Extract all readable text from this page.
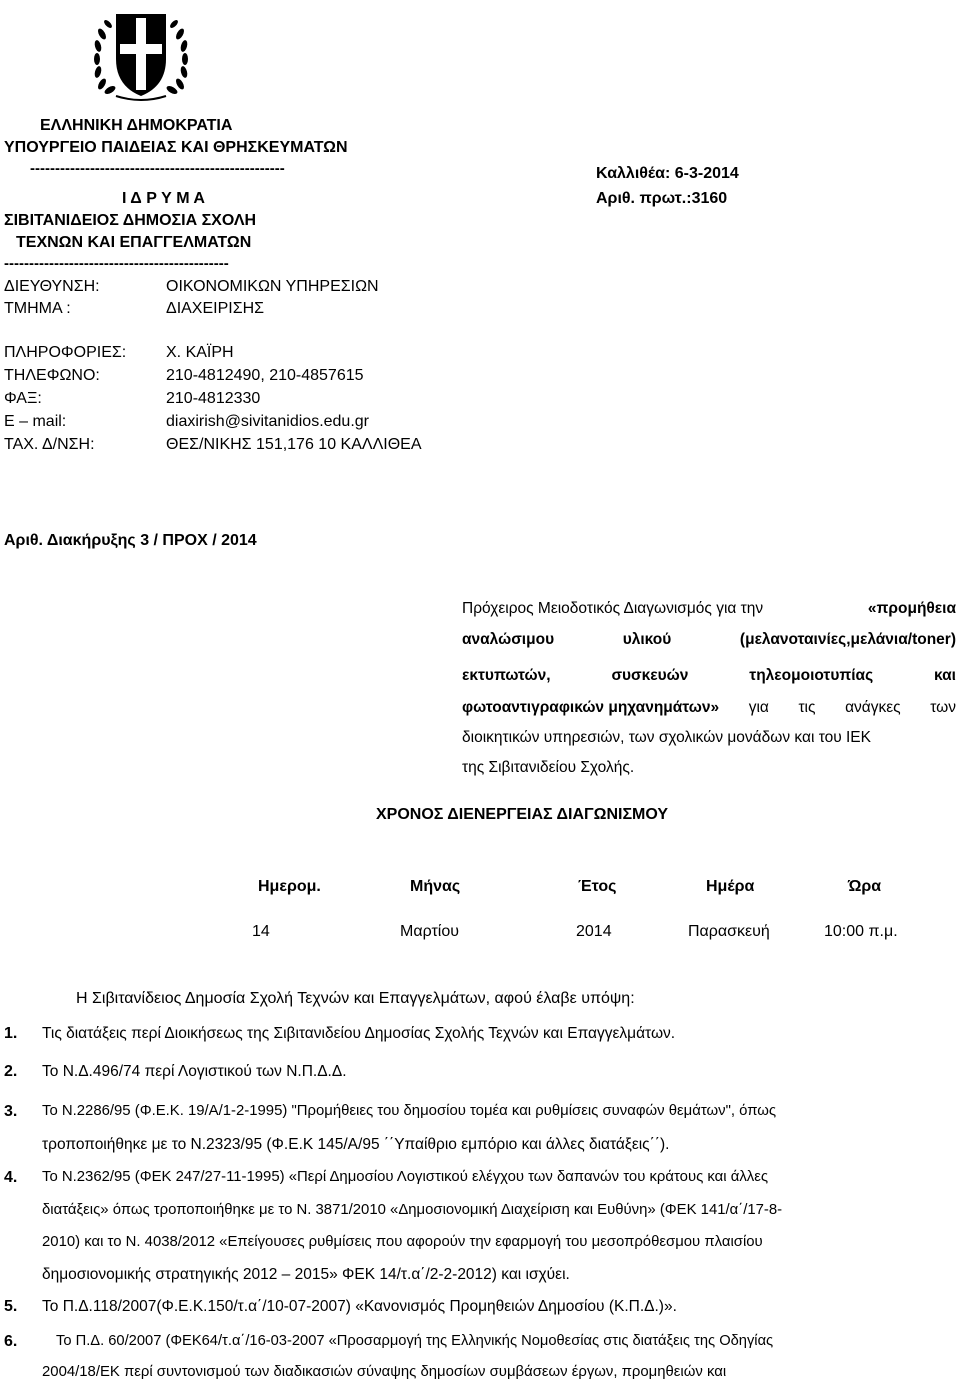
ΕΛΛΗΝΙΚΗ ΔΗΜΟΚΡΑΤΙΑ
ΥΠΟΥΡΓΕΙΟ ΠΑΙΔΕΙΑΣ ΚΑΙ ΘΡΗΣΚΕΥΜΑΤΩΝ
---------------------------------------------------
Ι Δ Ρ Υ Μ Α
ΣΙΒΙΤΑΝΙΔΕΙΟΣ ΔΗΜΟΣΙΑ ΣΧΟΛΗ
ΤΕΧΝΩΝ ΚΑΙ ΕΠΑΓΓΕΛΜΑΤΩΝ
---------------------------------------------
Καλλιθέα: 6-3-2014
Αριθ. πρωτ.:3160
ΔΙΕΥΘΥΝΣΗ:	ΟΙΚΟΝΟΜΙΚΩΝ ΥΠΗΡΕΣΙΩΝ
ΤΜΗΜΑ :	ΔΙΑΧΕΙΡΙΣΗΣ
ΠΛΗΡΟΦΟΡΙΕΣ: Χ. ΚΑΪΡΗ
ΤΗΛΕΦΩΝΟ:	210-4812490, 210-4857615
ΦΑΞ:	210-4812330
E – mail:	diaxirish@sivitanidios.edu.gr
ΤΑΧ. Δ/ΝΣΗ:	ΘΕΣ/ΝΙΚΗΣ 151,176 10 ΚΑΛΛΙΘΕΑ
Αριθ. Διακήρυξης 3 / ΠΡΟΧ / 2014
Πρόχειρος Μειοδοτικός Διαγωνισμός για την	«προμήθεια
αναλώσιμου	υλικού	(μελανοταινίες,μελάνια/toner)
εκτυπωτών,	συσκευών	τηλεομοιοτυπίας	και
φωτοαντιγραφικών μηχανημάτων» για τις ανάγκες των
διοικητικών υπηρεσιών, των σχολικών μονάδων και του ΙΕΚ
της Σιβιτανιδείου Σχολής.
ΧΡΟΝΟΣ ΔΙΕΝΕΡΓΕΙΑΣ ΔΙΑΓΩΝΙΣΜΟΥ
Ημερομ.	Μήνας	Έτος	Ημέρα	Ώρα
14	Μαρτίου	2014	Παρασκευή	10:00 π.μ.
Η Σιβιτανίδειος Δημοσία Σχολή Τεχνών και Επαγγελμάτων, αφού έλαβε υπόψη:
1. Τις διατάξεις περί Διοικήσεως της Σιβιτανιδείου Δημοσίας Σχολής Τεχνών και Επαγγελμάτων.
2. Το Ν.Δ.496/74 περί Λογιστικού των Ν.Π.Δ.Δ.
3. Το Ν.2286/95 (Φ.Ε.Κ. 19/Α/1-2-1995) "Προμήθειες του δημοσίου τομέα και ρυθμίσεις συναφών θεμάτων", όπως
τροποποιήθηκε με το Ν.2323/95 (Φ.Ε.Κ 145/Α/95 ΄΄Υπαίθριο εμπόριο και άλλες διατάξεις΄΄).
4. Το Ν.2362/95 (ΦΕΚ 247/27-11-1995) «Περί Δημοσίου Λογιστικού ελέγχου των δαπανών του κράτους και άλλες
διατάξεις» όπως τροποποιήθηκε με το Ν. 3871/2010 «Δημοσιονομική Διαχείριση και Ευθύνη» (ΦΕΚ 141/α΄/17-8-
2010) και το Ν. 4038/2012 «Επείγουσες ρυθμίσεις που αφορούν την εφαρμογή του μεσοπρόθεσμου πλαισίου
δημοσιονομικής στρατηγικής 2012 – 2015» ΦΕΚ 14/τ.α΄/2-2-2012) και ισχύει.
5. Το Π.Δ.118/2007(Φ.Ε.Κ.150/τ.α΄/10-07-2007) «Κανονισμός Προμηθειών Δημοσίου (Κ.Π.Δ.)».
6.	Το Π.Δ. 60/2007 (ΦΕΚ64/τ.α΄/16-03-2007 «Προσαρμογή της Ελληνικής Νομοθεσίας στις διατάξεις της Οδηγίας
2004/18/ΕΚ περί συντονισμού των διαδικασιών σύναψης δημοσίων συμβάσεων έργων, προμηθειών και
